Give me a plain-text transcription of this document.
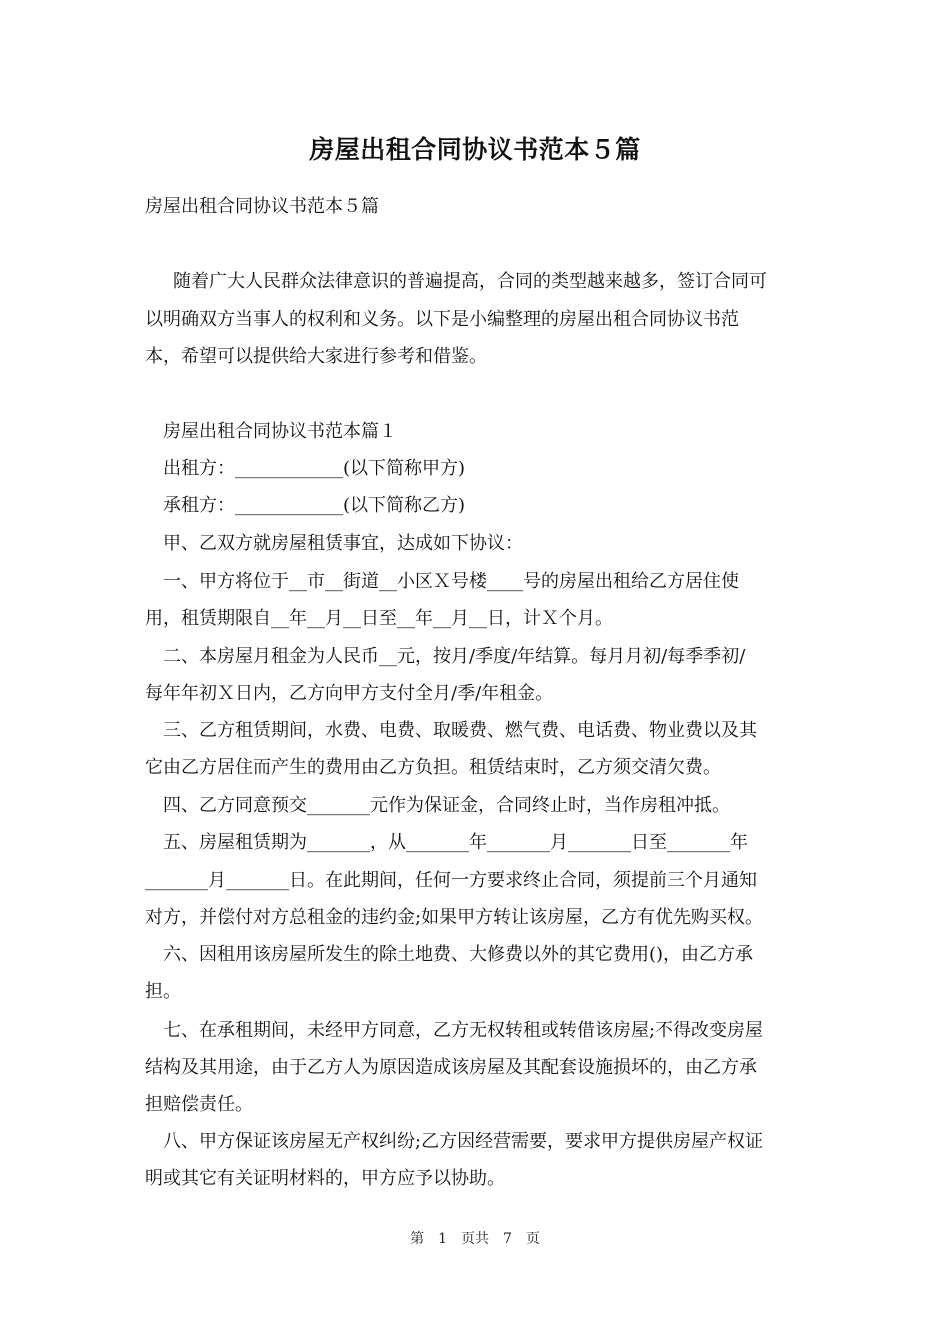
房屋出租合同协议书范本５篇
房屋出租合同协议书范本５篇
随着广大人民群众法律意识的普遍提高，合同的类型越来越多，签订合同可
以明确双方当事人的权利和义务。以下是小编整理的房屋出租合同协议书范
本，希望可以提供给大家进行参考和借鉴。
房屋出租合同协议书范本篇１
出租方：____________(以下简称甲方)
承租方：____________(以下简称乙方)
甲、乙双方就房屋租赁事宜，达成如下协议：
一、甲方将位于__市__街道__小区Ｘ号楼____号的房屋出租给乙方居住使
用，租赁期限自__年__月__日至__年__月__日，计Ｘ个月。
二、本房屋月租金为人民币__元，按月/季度/年结算。每月月初/每季季初/
每年年初Ｘ日内，乙方向甲方支付全月/季/年租金。
三、乙方租赁期间，水费、电费、取暖费、燃气费、电话费、物业费以及其
它由乙方居住而产生的费用由乙方负担。租赁结束时，乙方须交清欠费。
四、乙方同意预交_______元作为保证金，合同终止时，当作房租冲抵。
五、房屋租赁期为_______，从_______年_______月_______日至_______年
_______月_______日。在此期间，任何一方要求终止合同，须提前三个月通知
对方，并偿付对方总租金的违约金;如果甲方转让该房屋，乙方有优先购买权。
六、因租用该房屋所发生的除土地费、大修费以外的其它费用()，由乙方承
担。
七、在承租期间，未经甲方同意，乙方无权转租或转借该房屋;不得改变房屋
结构及其用途，由于乙方人为原因造成该房屋及其配套设施损坏的，由乙方承
担赔偿责任。
八、甲方保证该房屋无产权纠纷;乙方因经营需要，要求甲方提供房屋产权证
明或其它有关证明材料的，甲方应予以协助。
第　1　页共　7　页
